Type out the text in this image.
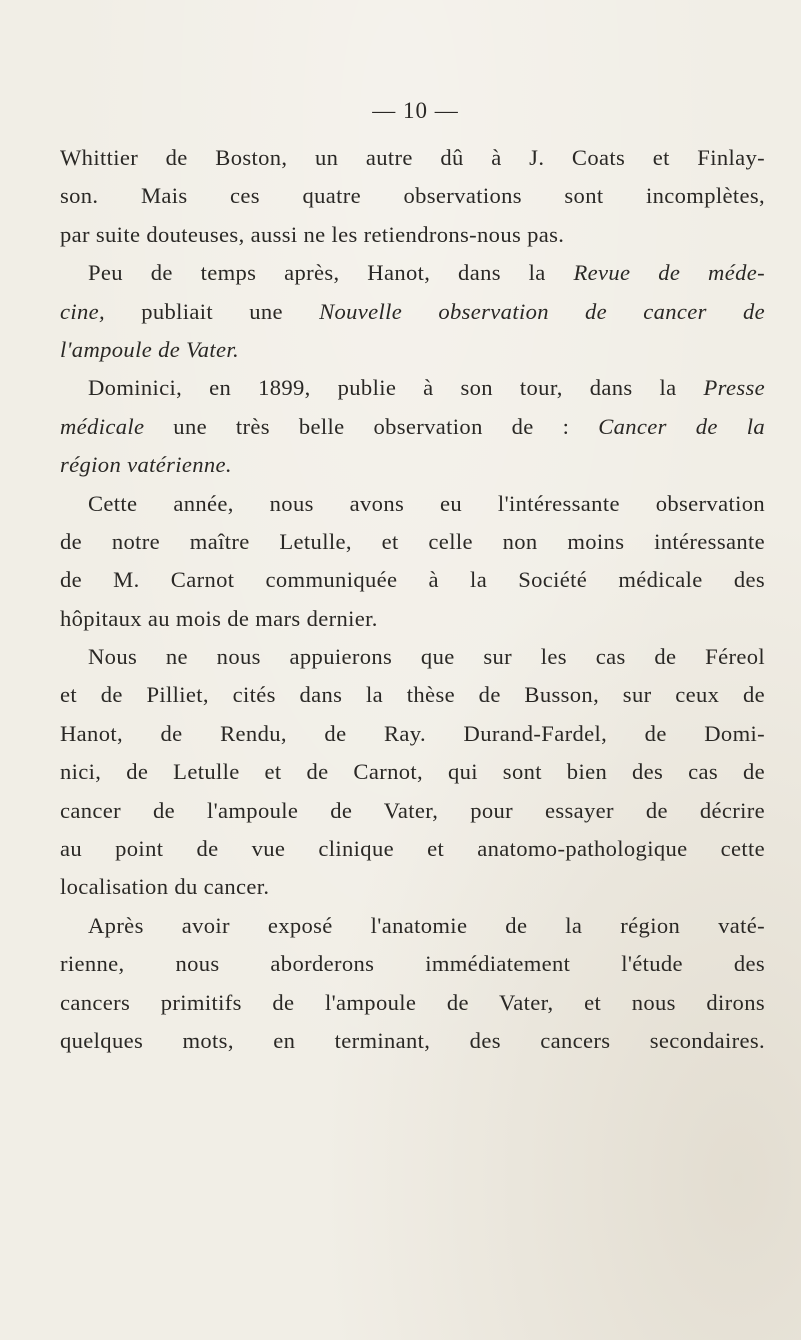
— 10 —
Whittier de Boston, un autre dû à J. Coats et Finlay-
son. Mais ces quatre observations sont incomplètes,
par suite douteuses, aussi ne les retiendrons-nous pas.
Peu de temps après, Hanot, dans la Revue de méde-
cine, publiait une Nouvelle observation de cancer de
l'ampoule de Vater.
Dominici, en 1899, publie à son tour, dans la Presse
médicale une très belle observation de : Cancer de la
région vatérienne.
Cette année, nous avons eu l'intéressante observation
de notre maître Letulle, et celle non moins intéressante
de M. Carnot communiquée à la Société médicale des
hôpitaux au mois de mars dernier.
Nous ne nous appuierons que sur les cas de Féreol
et de Pilliet, cités dans la thèse de Busson, sur ceux de
Hanot, de Rendu, de Ray. Durand-Fardel, de Domi-
nici, de Letulle et de Carnot, qui sont bien des cas de
cancer de l'ampoule de Vater, pour essayer de décrire
au point de vue clinique et anatomo-pathologique cette
localisation du cancer.
Après avoir exposé l'anatomie de la région vaté-
rienne, nous aborderons immédiatement l'étude des
cancers primitifs de l'ampoule de Vater, et nous dirons
quelques mots, en terminant, des cancers secondaires.
